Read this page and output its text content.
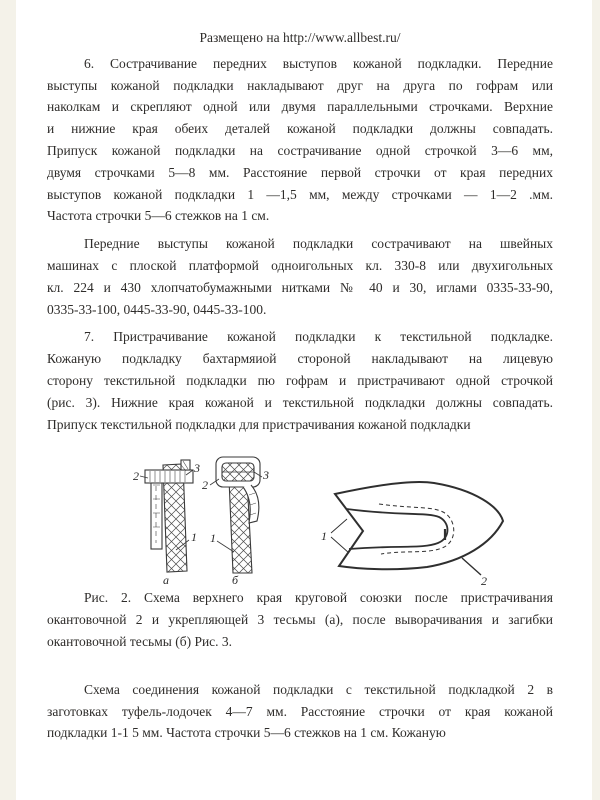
Размещено на http://www.allbest.ru/
6. Сострачивание передних выступов кожаной подкладки. Передние
выступы кожаной подкладки накладывают друг на друга по гофрам или
наколкам и скрепляют одной или двумя параллельными строчками. Верхние
и нижние края обеих деталей кожаной подкладки должны совпадать.
Припуск кожаной подкладки на сострачивание одной строчкой 3—6 мм,
двумя строчками 5—8 мм. Расстояние первой строчки от края передних
выступов кожаной подкладки 1 —1,5 мм, между строчками — 1—2 .мм.
Частота строчки 5—6 стежков на 1 см.
Передние выступы кожаной подкладки сострачивают на швейных
машинах с плоской платформой одноигольных кл. 330-8 или двухигольных
кл. 224 и 430 хлопчатобумажными нитками № 40 и 30, иглами 0335-33-90,
0335-33-100, 0445-33-90, 0445-33-100.
7. Пристрачивание кожаной подкладки к текстильной подкладке.
Кожаную подкладку бахтармяиой стороной накладывают на лицевую
сторону текстильной подкладки пю гофрам и пристрачивают одной строчкой
(рис. 3). Нижние края кожаной и текстильной подкладки должны совпадать.
Припуск текстильной подкладки для пристрачивания кожаной подкладки
2
3
1
а
2
3
1
б
1
2
Рис. 2. Схема верхнего края круговой союзки после пристрачивания
окантовочной 2 и укрепляющей 3 тесьмы (а), после выворачивания и загибки
окантовочной тесьмы (б) Рис. 3.
Схема соединения кожаной подкладки с текстильной подкладкой 2 в
заготовках туфель-лодочек 4—7 мм. Расстояние строчки от края кожаной
подкладки 1-1 5 мм. Частота строчки 5—6 стежков на 1 см. Кожаную
